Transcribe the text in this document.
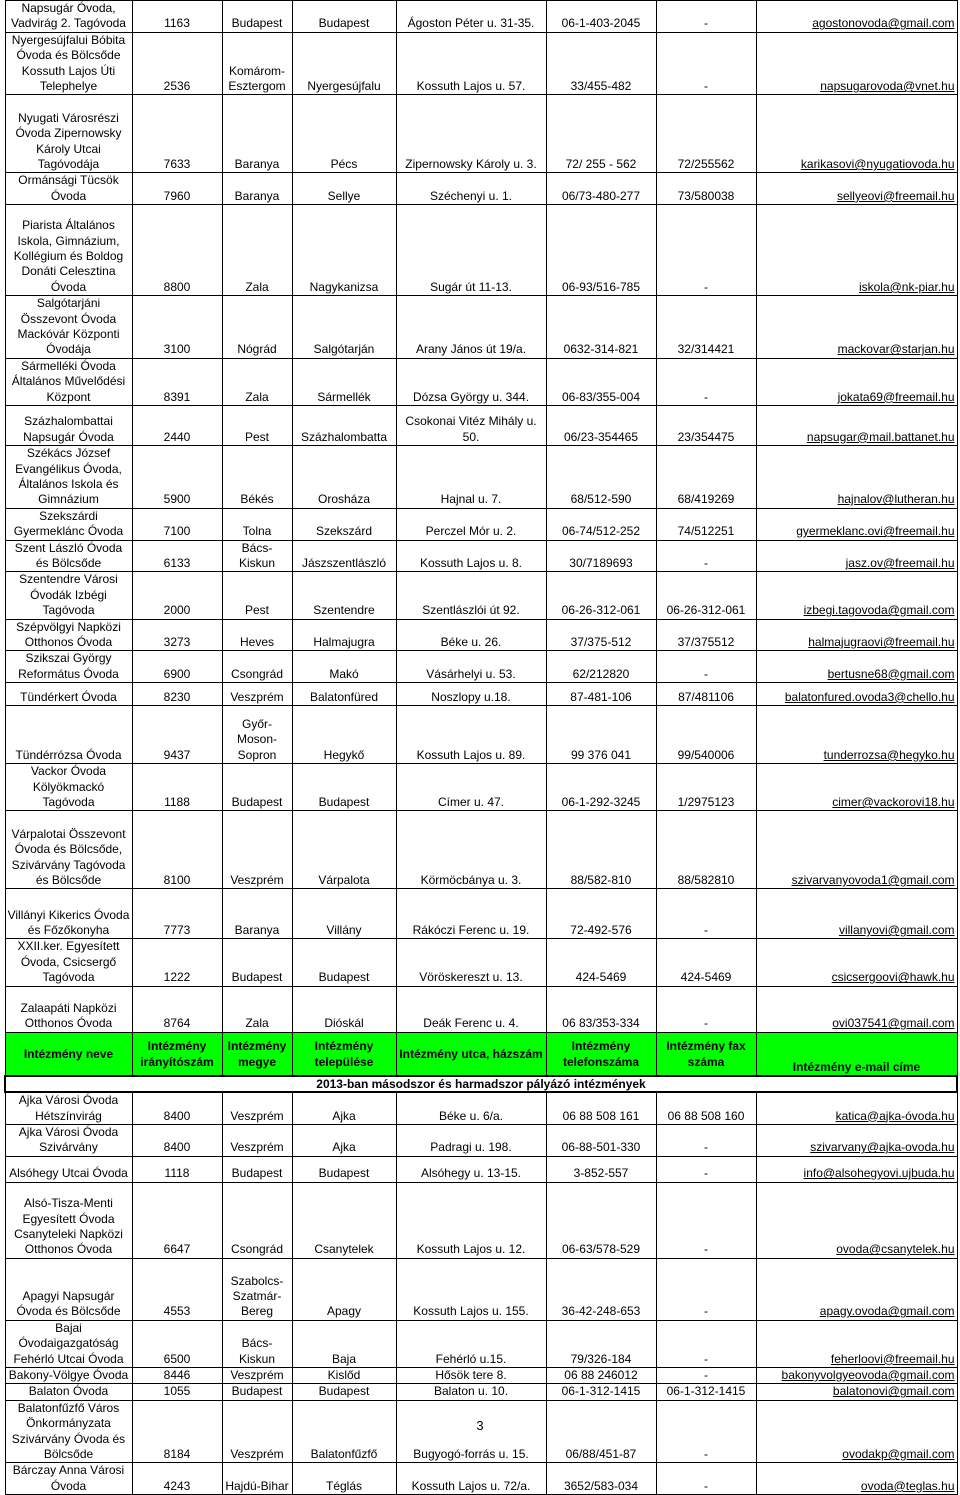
Napsugár Óvoda, Vadvirág 2. Tagóvoda	1163	Budapest	Budapest	Ágoston Péter u. 31-35.	06-1-403-2045	-	agostonovoda@gmail.com
Nyergesújfalui Bóbita Óvoda és Bölcsőde Kossuth Lajos Úti Telephelye	2536	Komárom-Esztergom	Nyergesújfalu	Kossuth Lajos u. 57.	33/455-482	-	napsugarovoda@vnet.hu
Nyugati Városrészi Óvoda Zipernowsky Károly Utcai Tagóvodája	7633	Baranya	Pécs	Zipernowsky Károly u. 3.	72/ 255 - 562	72/255562	karikasovi@nyugatiovoda.hu
Ormánsági Tücsök Óvoda	7960	Baranya	Sellye	Széchenyi u. 1.	06/73-480-277	73/580038	sellyeovi@freemail.hu
Piarista Általános Iskola, Gimnázium, Kollégium és Boldog Donáti Celesztina Óvoda	8800	Zala	Nagykanizsa	Sugár út 11-13.	06-93/516-785	-	iskola@nk-piar.hu
Salgótarjáni Összevont Óvoda Mackóvár Központi Óvodája	3100	Nógrád	Salgótarján	Arany János út 19/a.	0632-314-821	32/314421	mackovar@starjan.hu
Sármelléki Óvoda Általános Művelődési Központ	8391	Zala	Sármellék	Dózsa György u. 344.	06-83/355-004	-	jokata69@freemail.hu
Százhalombattai Napsugár Óvoda	2440	Pest	Százhalombatta	Csokonai Vitéz Mihály u. 50.	06/23-354465	23/354475	napsugar@mail.battanet.hu
Székács József Evangélikus Óvoda, Általános Iskola és Gimnázium	5900	Békés	Orosháza	Hajnal u. 7.	68/512-590	68/419269	hajnalov@lutheran.hu
Szekszárdi Gyermeklánc Óvoda	7100	Tolna	Szekszárd	Perczel Mór u. 2.	06-74/512-252	74/512251	gyermeklanc.ovi@freemail.hu
Szent László Óvoda és Bölcsőde	6133	Bács-Kiskun	Jászszentlászló	Kossuth Lajos u. 8.	30/7189693	-	jasz.ov@freemail.hu
Szentendre Városi Óvodák Izbégi Tagóvoda	2000	Pest	Szentendre	Szentlászlói út 92.	06-26-312-061	06-26-312-061	izbegi.tagovoda@gmail.com
Szépvölgyi Napközi Otthonos Óvoda	3273	Heves	Halmajugra	Béke u. 26.	37/375-512	37/375512	halmajugraovi@freemail.hu
Szikszai György Református Óvoda	6900	Csongrád	Makó	Vásárhelyi u. 53.	62/212820	-	bertusne68@gmail.com
Tündérkert Óvoda	8230	Veszprém	Balatonfüred	Noszlopy u.18.	87-481-106	87/481106	balatonfured.ovoda3@chello.hu
Tündérrózsa Óvoda	9437	Győr-Moson-Sopron	Hegykő	Kossuth Lajos u. 89.	99 376 041	99/540006	tunderrozsa@hegyko.hu
Vackor Óvoda Kölyökmackó Tagóvoda	1188	Budapest	Budapest	Címer u. 47.	06-1-292-3245	1/2975123	cimer@vackorovi18.hu
Várpalotai Összevont Óvoda és Bölcsőde, Szivárvány Tagóvoda és Bölcsőde	8100	Veszprém	Várpalota	Körmöcbánya u. 3.	88/582-810	88/582810	szivarvanyovoda1@gmail.com
Villányi Kikerics Óvoda és Főzőkonyha	7773	Baranya	Villány	Rákóczi Ferenc u. 19.	72-492-576	-	villanyovi@gmail.com
XXII.ker. Egyesített Óvoda, Csicsergő Tagóvoda	1222	Budapest	Budapest	Vöröskereszt u. 13.	424-5469	424-5469	csicsergoovi@hawk.hu
Zalaapáti Napközi Otthonos Óvoda	8764	Zala	Dióskál	Deák Ferenc u. 4.	06 83/353-334	-	ovi037541@gmail.com
Intézmény neve	Intézmény irányítószám	Intézmény megye	Intézmény települése	Intézmény utca, házszám	Intézmény telefonszáma	Intézmény fax száma	Intézmény e-mail címe
2013-ban másodszor és harmadszor pályázó intézmények							
Ajka Városi Óvoda Hétszínvirág	8400	Veszprém	Ajka	Béke u. 6/a.	06 88 508 161	06 88 508 160	katica@ajka-óvoda.hu
Ajka Városi Óvoda Szivárvány	8400	Veszprém	Ajka	Padragi u. 198.	06-88-501-330	-	szivarvany@ajka-ovoda.hu
Alsóhegy Utcai Óvoda	1118	Budapest	Budapest	Alsóhegy u. 13-15.	3-852-557	-	info@alsohegyovi.ujbuda.hu
Alsó-Tisza-Menti Egyesített Óvoda Csanyteleki Napközi Otthonos Óvoda	6647	Csongrád	Csanytelek	Kossuth Lajos u. 12.	06-63/578-529	-	ovoda@csanytelek.hu
Apagyi Napsugár Óvoda és Bölcsőde	4553	Szabolcs-Szatmár-Bereg	Apagy	Kossuth Lajos u. 155.	36-42-248-653	-	apagy.ovoda@gmail.com
Bajai Óvodaigazgatóság Fehérló Utcai Óvoda	6500	Bács-Kiskun	Baja	Fehérló u.15.	79/326-184	-	feherloovi@freemail.hu
Bakony-Völgye Óvoda	8446	Veszprém	Kislőd	Hősök tere 8.	06 88 246012	-	bakonyvolgyeovoda@gmail.com
Balaton Óvoda	1055	Budapest	Budapest	Balaton u. 10.	06-1-312-1415	06-1-312-1415	balatonovi@gmail.com
Balatonfűzfő Város Önkormányzata Szivárvány Óvoda és Bölcsőde	8184	Veszprém	Balatonfűzfő	Bugyogó-forrás u. 15.	06/88/451-87	-	ovodakp@gmail.com
Bárczay Anna Városi Óvoda	4243	Hajdú-Bihar	Téglás	Kossuth Lajos u. 72/a.	3652/583-034	-	ovoda@teglas.hu
3
